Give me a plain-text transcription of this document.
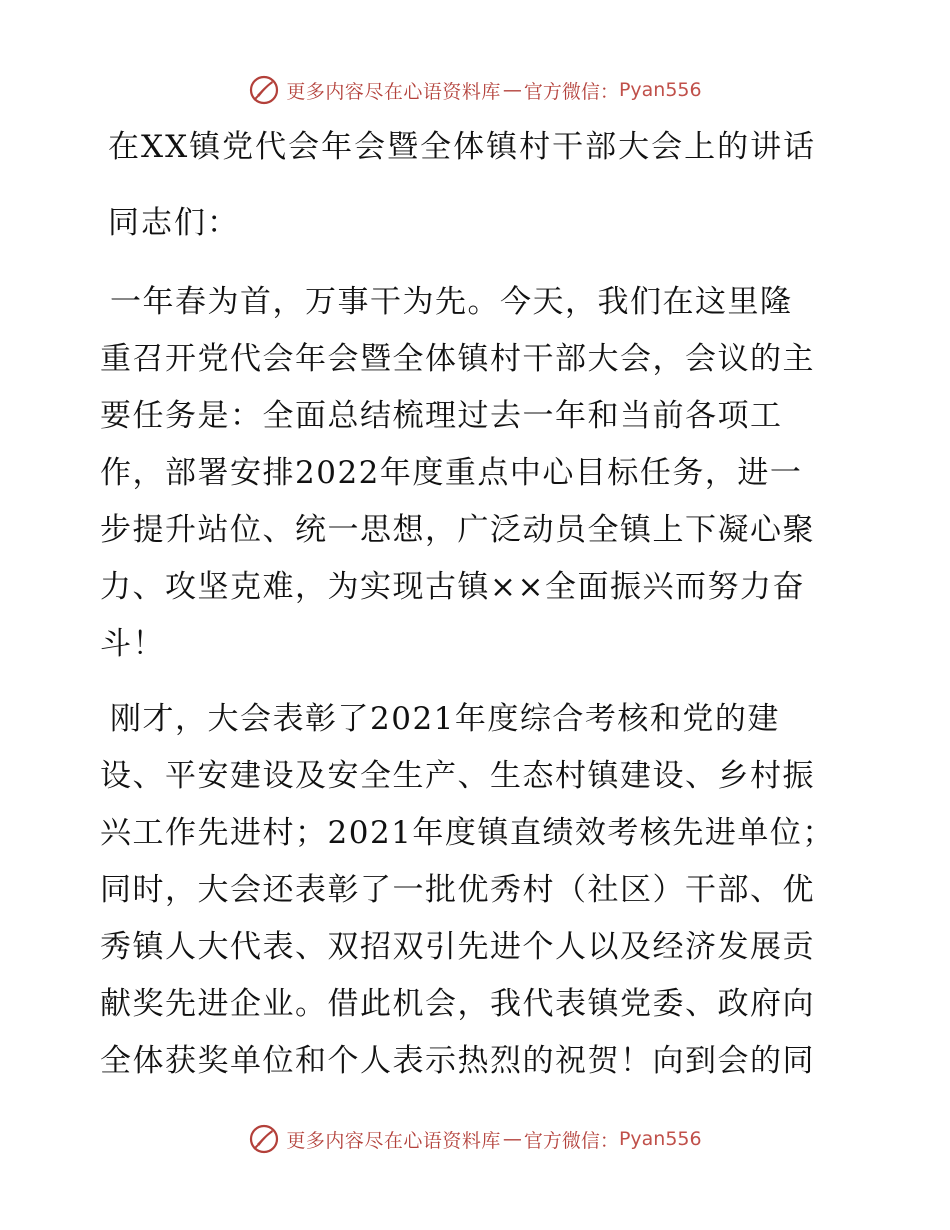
更多内容尽在心语资料库 — 官方微信： Pyan556
在XX镇党代会年会暨全体镇村干部大会上的讲话
同志们：
一年春为首，万事干为先。今天，我们在这里隆
重召开党代会年会暨全体镇村干部大会，会议的主
要任务是：全面总结梳理过去一年和当前各项工
作，部署安排2022年度重点中心目标任务，进一
步提升站位、统一思想，广泛动员全镇上下凝心聚
力、攻坚克难，为实现古镇××全面振兴而努力奋
斗！
刚才，大会表彰了2021年度综合考核和党的建
设、平安建设及安全生产、生态村镇建设、乡村振
兴工作先进村；2021年度镇直绩效考核先进单位；
同时，大会还表彰了一批优秀村（社区）干部、优
秀镇人大代表、双招双引先进个人以及经济发展贡
献奖先进企业。借此机会，我代表镇党委、政府向
全体获奖单位和个人表示热烈的祝贺！向到会的同
更多内容尽在心语资料库 — 官方微信： Pyan556
